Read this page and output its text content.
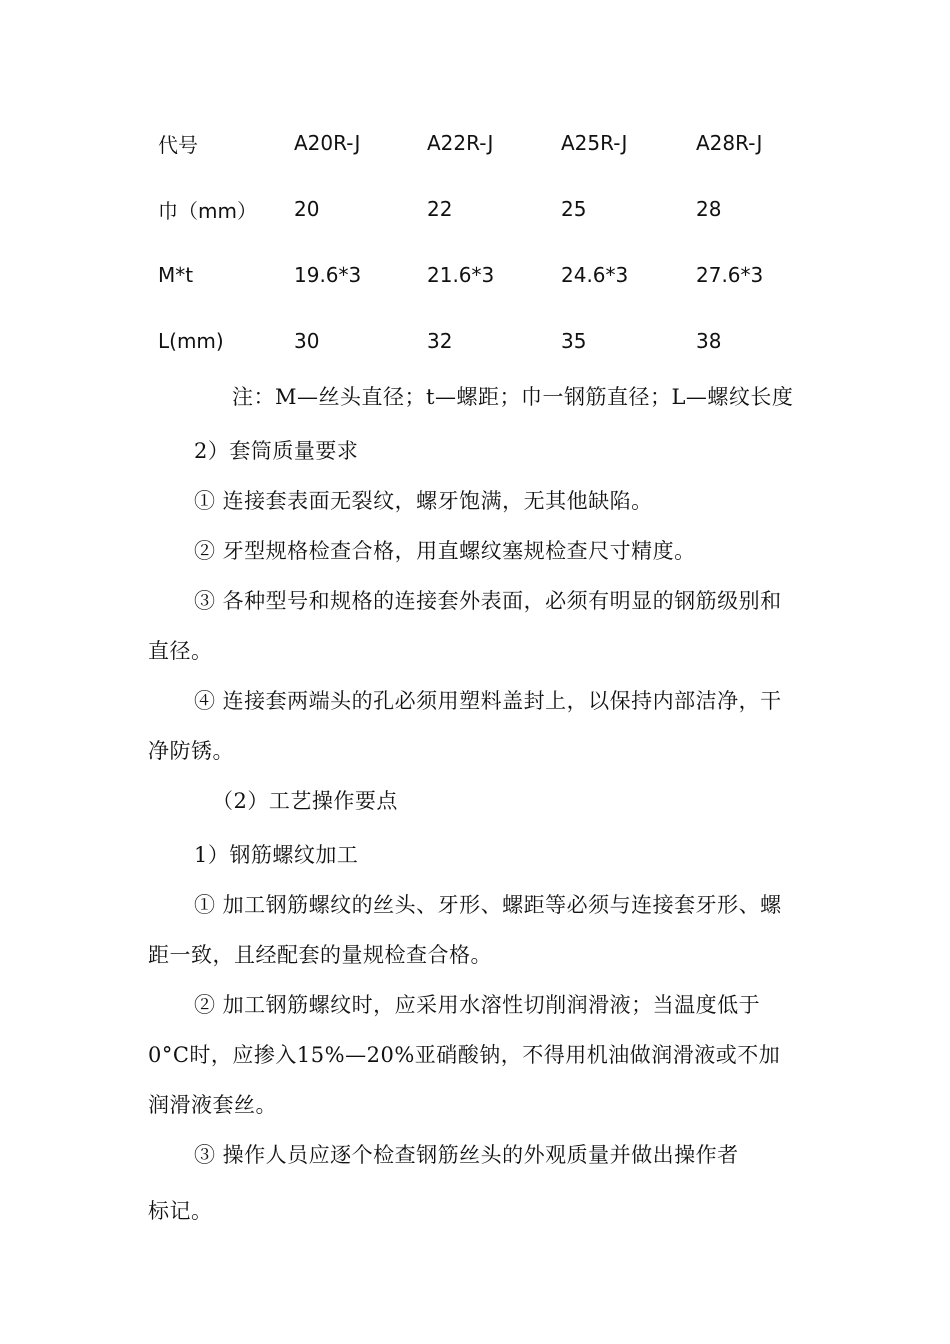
代号	A20R-J	A22R-J	A25R-J	A28R-J
巾（mm）	20	22	25	28
M*t	19.6*3	21.6*3	24.6*3	27.6*3
L(mm)	30	32	35	38
注：M—丝头直径；t—螺距；巾一钢筋直径；L—螺纹长度
2）套筒质量要求
① 连接套表面无裂纹，螺牙饱满，无其他缺陷。
② 牙型规格检查合格，用直螺纹塞规检查尺寸精度。
③ 各种型号和规格的连接套外表面，必须有明显的钢筋级别和
直径。
④ 连接套两端头的孔必须用塑料盖封上，以保持内部洁净，干
净防锈。
（2）工艺操作要点
1）钢筋螺纹加工
① 加工钢筋螺纹的丝头、牙形、螺距等必须与连接套牙形、螺
距一致，且经配套的量规检查合格。
② 加工钢筋螺纹时，应采用水溶性切削润滑液；当温度低于
0°C时，应掺入15%—20%亚硝酸钠，不得用机油做润滑液或不加
润滑液套丝。
③ 操作人员应逐个检查钢筋丝头的外观质量并做出操作者
标记。
